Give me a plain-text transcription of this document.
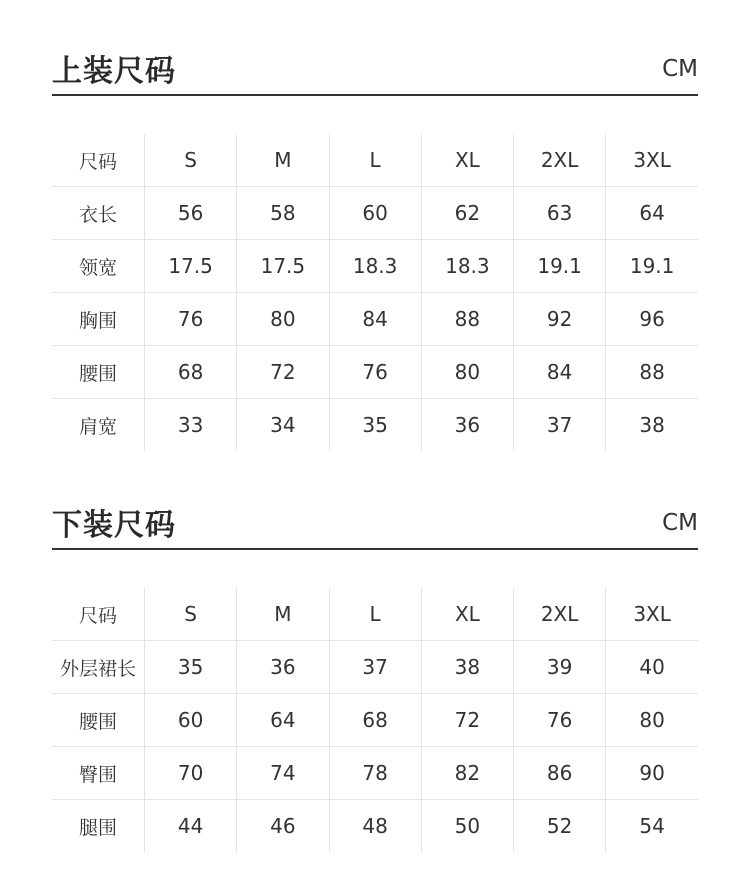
上装尺码	CM
尺码	S	M	L	XL	2XL	3XL
衣长	56	58	60	62	63	64
领宽	17.5	17.5	18.3	18.3	19.1	19.1
胸围	76	80	84	88	92	96
腰围	68	72	76	80	84	88
肩宽	33	34	35	36	37	38
下装尺码	CM
尺码	S	M	L	XL	2XL	3XL
外层裙长	35	36	37	38	39	40
腰围	60	64	68	72	76	80
臀围	70	74	78	82	86	90
腿围	44	46	48	50	52	54
